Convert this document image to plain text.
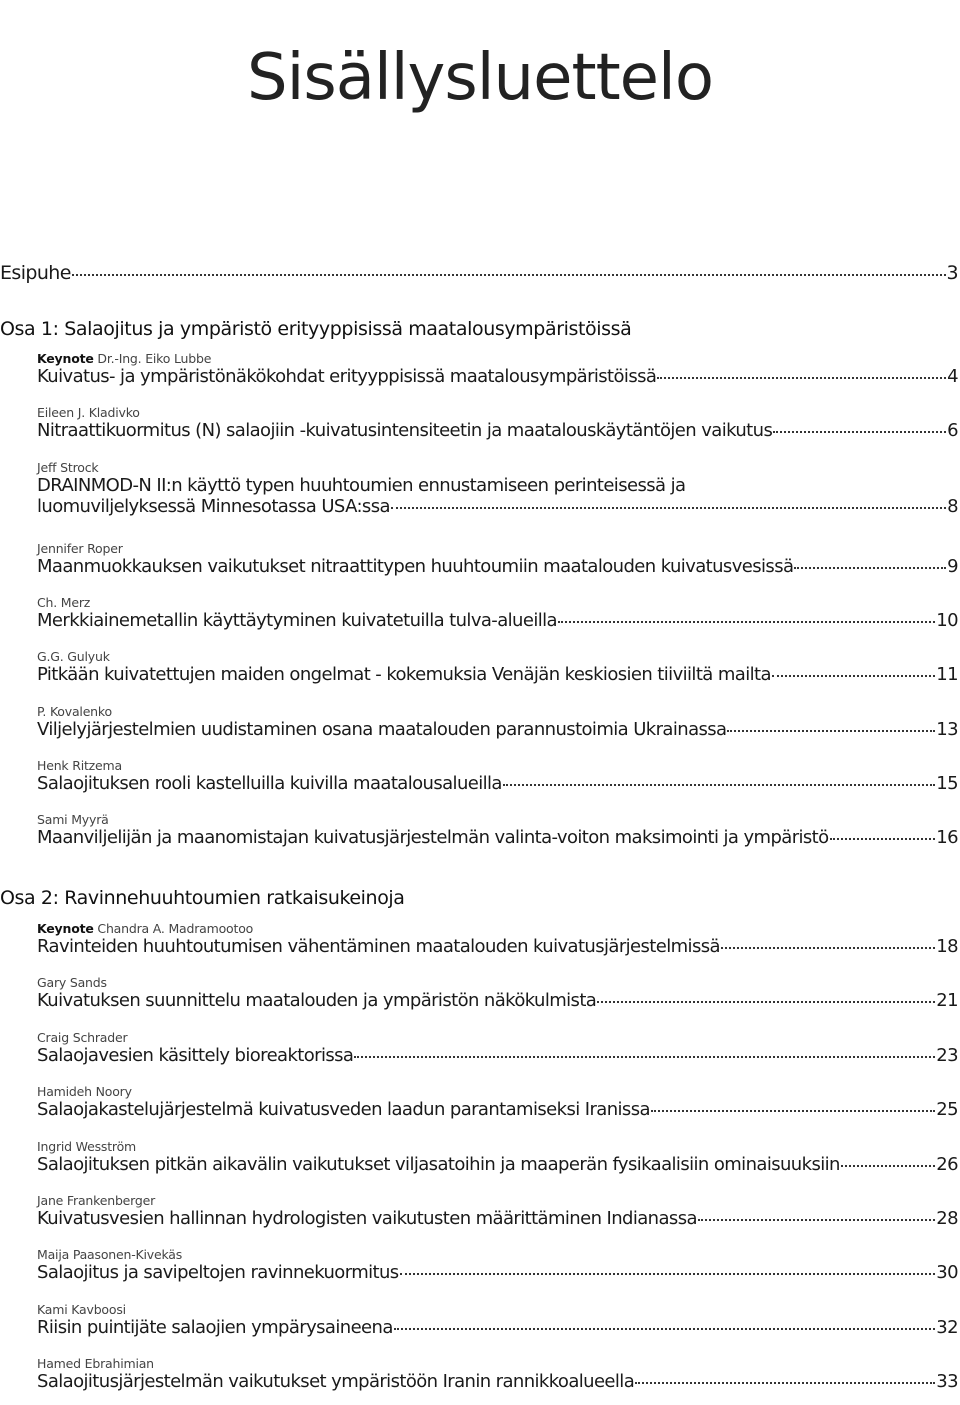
Sisällysluettelo
Esipuhe	3
Osa 1: Salaojitus ja ympäristö erityyppisissä maatalousympäristöissä
Keynote Dr.-Ing. Eiko Lubbe
Kuivatus- ja ympäristönäkökohdat erityyppisissä maatalousympäristöissä	4
Eileen J. Kladivko
Nitraattikuormitus (N) salaojiin -kuivatusintensiteetin ja maatalouskäytäntöjen vaikutus	6
Jeff Strock
DRAINMOD-N II:n käyttö typen huuhtoumien ennustamiseen perinteisessä ja
luomuviljelyksessä Minnesotassa USA:ssa	8
Jennifer Roper
Maanmuokkauksen vaikutukset nitraattitypen huuhtoumiin maatalouden kuivatusvesissä	9
Ch. Merz
Merkkiainemetallin käyttäytyminen kuivatetuilla tulva-alueilla	10
G.G. Gulyuk
Pitkään kuivatettujen maiden ongelmat - kokemuksia Venäjän keskiosien tiiviiltä mailta	11
P. Kovalenko
Viljelyjärjestelmien uudistaminen osana maatalouden parannustoimia Ukrainassa	13
Henk Ritzema
Salaojituksen rooli kastelluilla kuivilla maatalousalueilla	15
Sami Myyrä
Maanviljelijän ja maanomistajan kuivatusjärjestelmän valinta-voiton maksimointi ja ympäristö	16
Osa 2: Ravinnehuuhtoumien ratkaisukeinoja
Keynote Chandra A. Madramootoo
Ravinteiden huuhtoutumisen vähentäminen maatalouden kuivatusjärjestelmissä	18
Gary Sands
Kuivatuksen suunnittelu maatalouden ja ympäristön näkökulmista	21
Craig Schrader
Salaojavesien käsittely bioreaktorissa	23
Hamideh Noory
Salaojakastelujärjestelmä kuivatusveden laadun parantamiseksi Iranissa	25
Ingrid Wesström
Salaojituksen pitkän aikavälin vaikutukset viljasatoihin ja maaperän fysikaalisiin ominaisuuksiin	26
Jane Frankenberger
Kuivatusvesien hallinnan hydrologisten vaikutusten määrittäminen Indianassa	28
Maija Paasonen-Kivekäs
Salaojitus ja savipeltojen ravinnekuormitus	30
Kami Kavboosi
Riisin puintijäte salaojien ympärysaineena	32
Hamed Ebrahimian
Salaojitusjärjestelmän vaikutukset ympäristöön Iranin rannikkoalueella	33
